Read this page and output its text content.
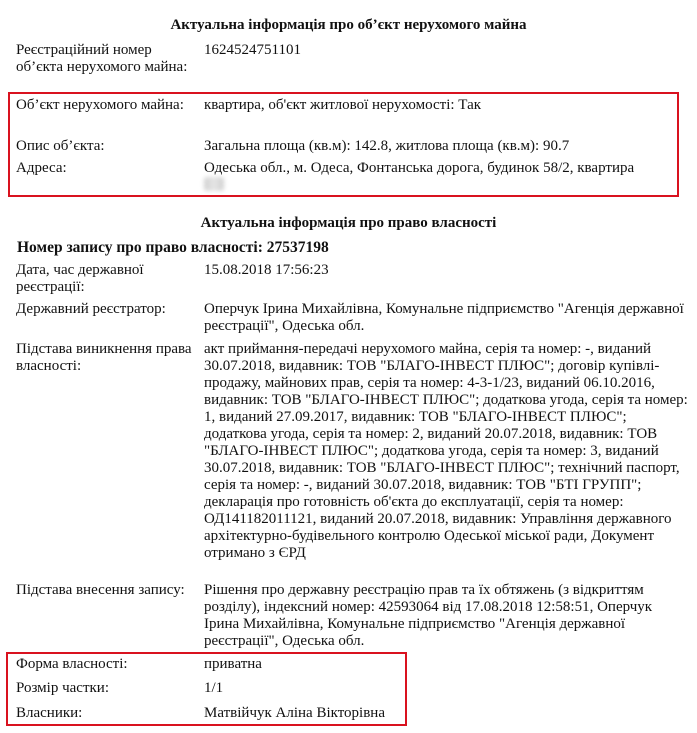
Актуальна інформація про об’єкт нерухомого майна
Реєстраційний номер об’єкта нерухомого майна:
1624524751101
Об’єкт нерухомого майна:	квартира, об'єкт житлової нерухомості: Так
Опис об’єкта:	Загальна площа (кв.м): 142.8, житлова площа (кв.м): 90.7
Адреса:	Одеська обл., м. Одеса, Фонтанська дорога, будинок 58/2, квартира
Актуальна інформація про право власності
Номер запису про право власності: 27537198
Дата, час державної реєстрації:
15.08.2018 17:56:23
Державний реєстратор:	Оперчук Ірина Михайлівна, Комунальне підприємство "Агенція державної реєстрації", Одеська обл.
Підстава виникнення права власності:
акт приймання-передачі нерухомого майна, серія та номер: -, виданий 30.07.2018, видавник: ТОВ "БЛАГО-ІНВЕСТ ПЛЮС"; договір купівлі-продажу, майнових прав, серія та номер: 4-3-1/23, виданий 06.10.2016, видавник: ТОВ "БЛАГО-ІНВЕСТ ПЛЮС"; додаткова угода, серія та номер: 1, виданий 27.09.2017, видавник: ТОВ "БЛАГО-ІНВЕСТ ПЛЮС"; додаткова угода, серія та номер: 2, виданий 20.07.2018, видавник: ТОВ "БЛАГО-ІНВЕСТ ПЛЮС"; додаткова угода, серія та номер: 3, виданий 30.07.2018, видавник: ТОВ "БЛАГО-ІНВЕСТ ПЛЮС"; технічний паспорт, серія та номер: -, виданий 30.07.2018, видавник: ТОВ "БТІ ГРУПП"; декларація про готовність об'єкта до експлуатації, серія та номер: ОД141182011121, виданий 20.07.2018, видавник: Управління державного архітектурно-будівельного контролю Одеської міської ради, Документ отримано з ЄРД
Підстава внесення запису:	Рішення про державну реєстрацію прав та їх обтяжень (з відкриттям розділу), індексний номер: 42593064 від 17.08.2018 12:58:51, Оперчук Ірина Михайлівна, Комунальне підприємство "Агенція державної реєстрації", Одеська обл.
Форма власності:	приватна
Розмір частки:	1/1
Власники:	Матвійчук Аліна Вікторівна
